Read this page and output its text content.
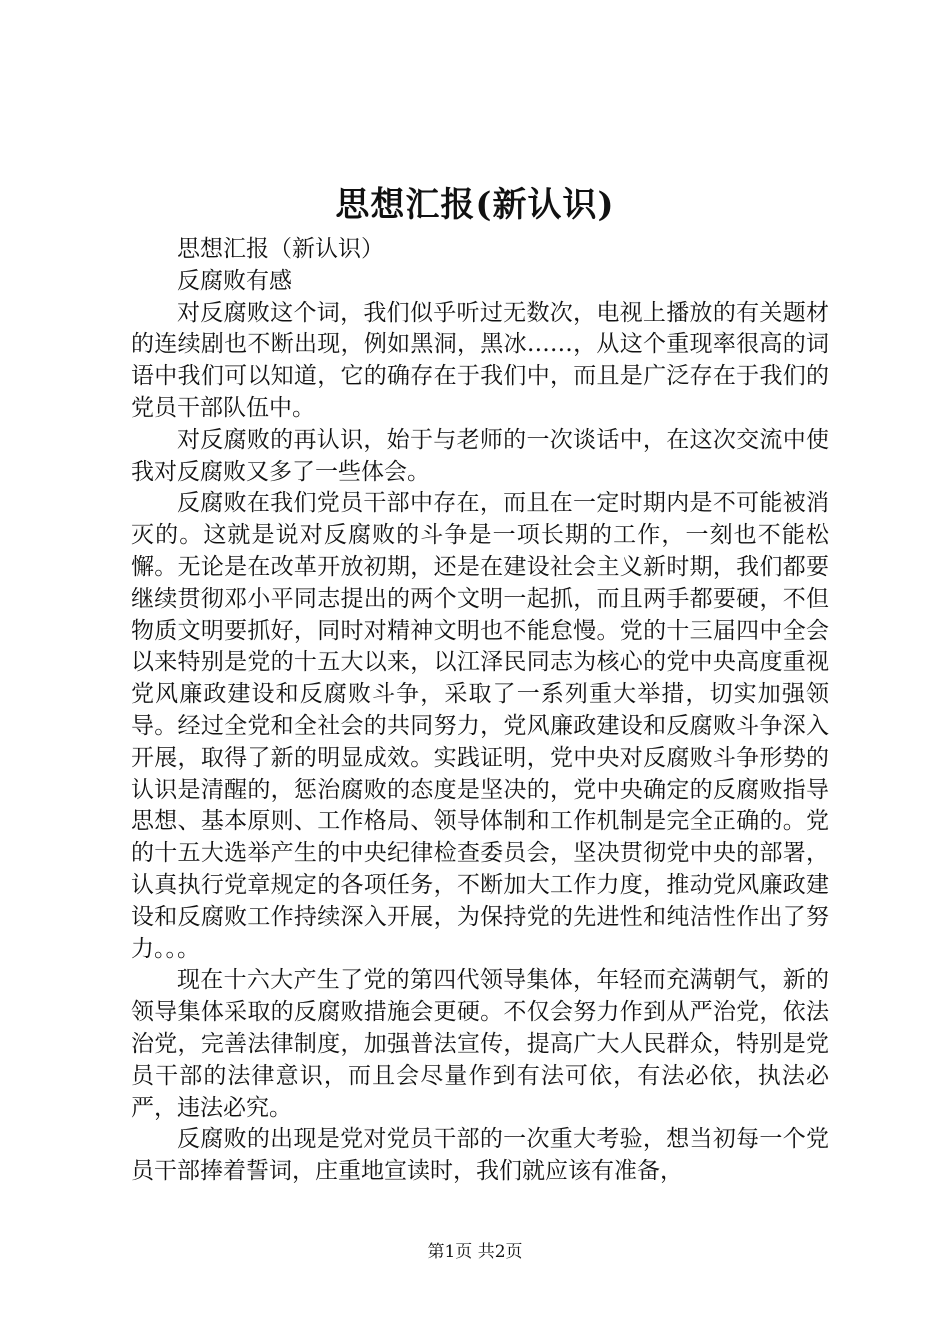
思想汇报(新认识)

思想汇报（新认识）

反腐败有感

对反腐败这个词，我们似乎听过无数次，电视上播放的有关题材的连续剧也不断出现，例如黑洞，黑冰……，从这个重现率很高的词语中我们可以知道，它的确存在于我们中，而且是广泛存在于我们的党员干部队伍中。

对反腐败的再认识，始于与老师的一次谈话中，在这次交流中使我对反腐败又多了一些体会。

反腐败在我们党员干部中存在，而且在一定时期内是不可能被消灭的。这就是说对反腐败的斗争是一项长期的工作，一刻也不能松懈。无论是在改革开放初期，还是在建设社会主义新时期，我们都要继续贯彻邓小平同志提出的两个文明一起抓，而且两手都要硬，不但物质文明要抓好，同时对精神文明也不能怠慢。党的十三届四中全会以来特别是党的十五大以来，以江泽民同志为核心的党中央高度重视党风廉政建设和反腐败斗争，采取了一系列重大举措，切实加强领导。经过全党和全社会的共同努力，党风廉政建设和反腐败斗争深入开展，取得了新的明显成效。实践证明，党中央对反腐败斗争形势的认识是清醒的，惩治腐败的态度是坚决的，党中央确定的反腐败指导思想、基本原则、工作格局、领导体制和工作机制是完全正确的。党的十五大选举产生的中央纪律检查委员会，坚决贯彻党中央的部署，认真执行党章规定的各项任务，不断加大工作力度，推动党风廉政建设和反腐败工作持续深入开展，为保持党的先进性和纯洁性作出了努力。。。

现在十六大产生了党的第四代领导集体，年轻而充满朝气，新的领导集体采取的反腐败措施会更硬。不仅会努力作到从严治党，依法治党，完善法律制度，加强普法宣传，提高广大人民群众，特别是党员干部的法律意识，而且会尽量作到有法可依，有法必依，执法必严，违法必究。

反腐败的出现是党对党员干部的一次重大考验，想当初每一个党员干部捧着誓词，庄重地宣读时，我们就应该有准备，

第1页 共2页
